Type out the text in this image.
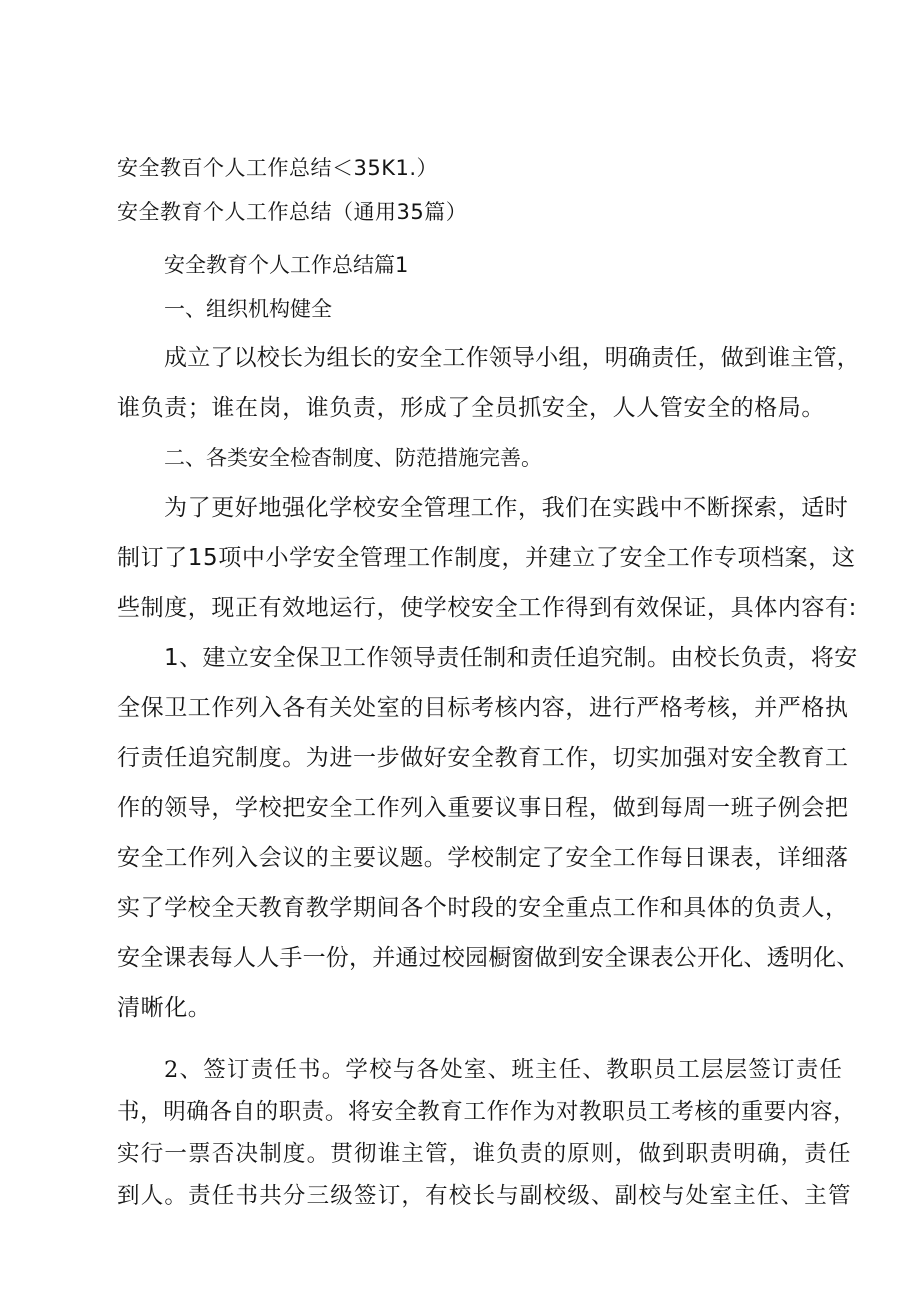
安全教百个人工作总结＜35K1.）

安全教育个人工作总结（通用35篇）

安全教育个人工作总结篇1

一、组织机构健全

成立了以校长为组长的安全工作领导小组，明确责任，做到谁主管，

谁负责；谁在岗，谁负责，形成了全员抓安全，人人管安全的格局。

二、各类安全检杳制度、防范措施完善。

为了更好地强化学校安全管理工作，我们在实践中不断探索，适时

制订了15项中小学安全管理工作制度，并建立了安全工作专项档案，这

些制度，现正有效地运行，使学校安全工作得到有效保证，具体内容有:

1、建立安全保卫工作领导责任制和责任追究制。由校长负责，将安

全保卫工作列入各有关处室的目标考核内容，进行严格考核，并严格执

行责任追究制度。为进一步做好安全教育工作，切实加强对安全教育工

作的领导，学校把安全工作列入重要议事日程，做到每周一班子例会把

安全工作列入会议的主要议题。学校制定了安全工作每日课表，详细落

实了学校全天教育教学期间各个时段的安全重点工作和具体的负责人，

安全课表每人人手一份，并通过校园橱窗做到安全课表公开化、透明化、

清晰化。

2、签订责任书。学校与各处室、班主任、教职员工层层签订责任

书，明确各自的职责。将安全教育工作作为对教职员工考核的重要内容，

实行一票否决制度。贯彻谁主管，谁负责的原则，做到职责明确，责任

到人。责任书共分三级签订，有校长与副校级、副校与处室主任、主管
